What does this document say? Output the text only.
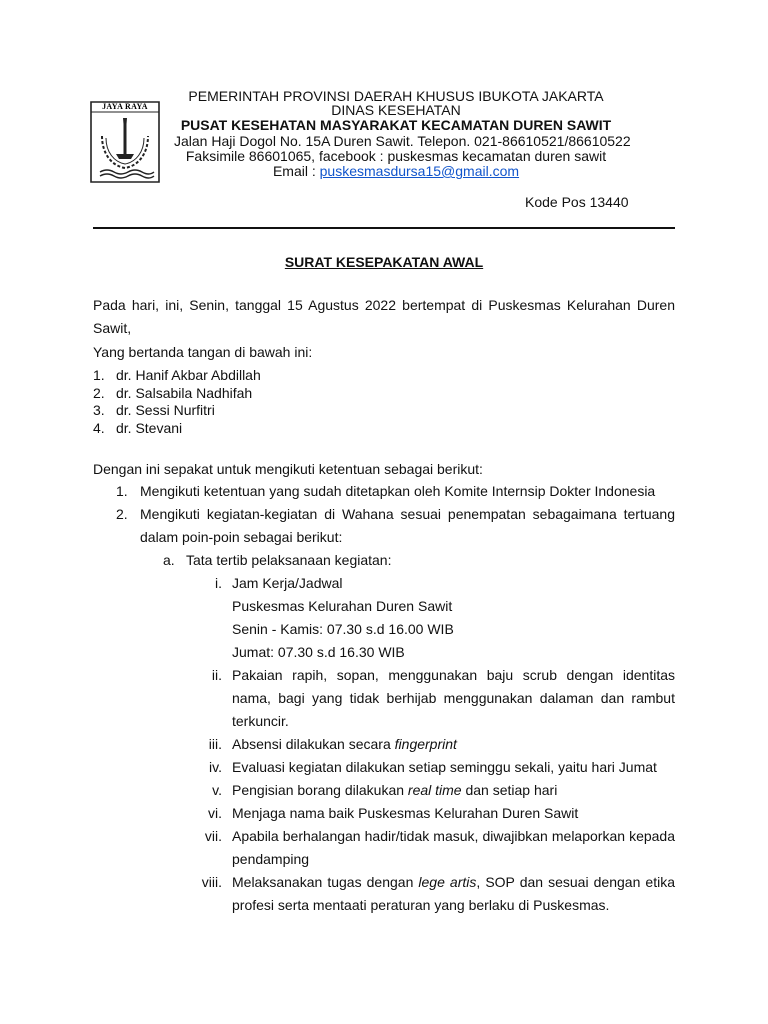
JAYA RAYA
PEMERINTAH PROVINSI DAERAH KHUSUS IBUKOTA JAKARTA
DINAS KESEHATAN
PUSAT KESEHATAN MASYARAKAT KECAMATAN DUREN SAWIT
Jalan Haji Dogol No. 15A Duren Sawit. Telepon. 021-86610521/86610522
Faksimile 86601065, facebook : puskesmas kecamatan duren sawit
Email : puskesmasdursa15@gmail.com
Kode Pos 13440
SURAT KESEPAKATAN AWAL
Pada hari, ini, Senin, tanggal 15 Agustus 2022 bertempat di Puskesmas Kelurahan Duren Sawit,
Yang bertanda tangan di bawah ini:
1. dr. Hanif Akbar Abdillah
2. dr. Salsabila Nadhifah
3. dr. Sessi Nurfitri
4. dr. Stevani
Dengan ini sepakat untuk mengikuti ketentuan sebagai berikut:
1. Mengikuti ketentuan yang sudah ditetapkan oleh Komite Internsip Dokter Indonesia
2. Mengikuti kegiatan-kegiatan di Wahana sesuai penempatan sebagaimana tertuang dalam poin-poin sebagai berikut:
a. Tata tertib pelaksanaan kegiatan:
i. Jam Kerja/Jadwal
Puskesmas Kelurahan Duren Sawit
Senin - Kamis: 07.30 s.d 16.00 WIB
Jumat: 07.30 s.d 16.30 WIB
ii. Pakaian rapih, sopan, menggunakan baju scrub dengan identitas nama, bagi yang tidak berhijab menggunakan dalaman dan rambut terkuncir.
iii. Absensi dilakukan secara fingerprint
iv. Evaluasi kegiatan dilakukan setiap seminggu sekali, yaitu hari Jumat
v. Pengisian borang dilakukan real time dan setiap hari
vi. Menjaga nama baik Puskesmas Kelurahan Duren Sawit
vii. Apabila berhalangan hadir/tidak masuk, diwajibkan melaporkan kepada pendamping
viii. Melaksanakan tugas dengan lege artis, SOP dan sesuai dengan etika profesi serta mentaati peraturan yang berlaku di Puskesmas.
